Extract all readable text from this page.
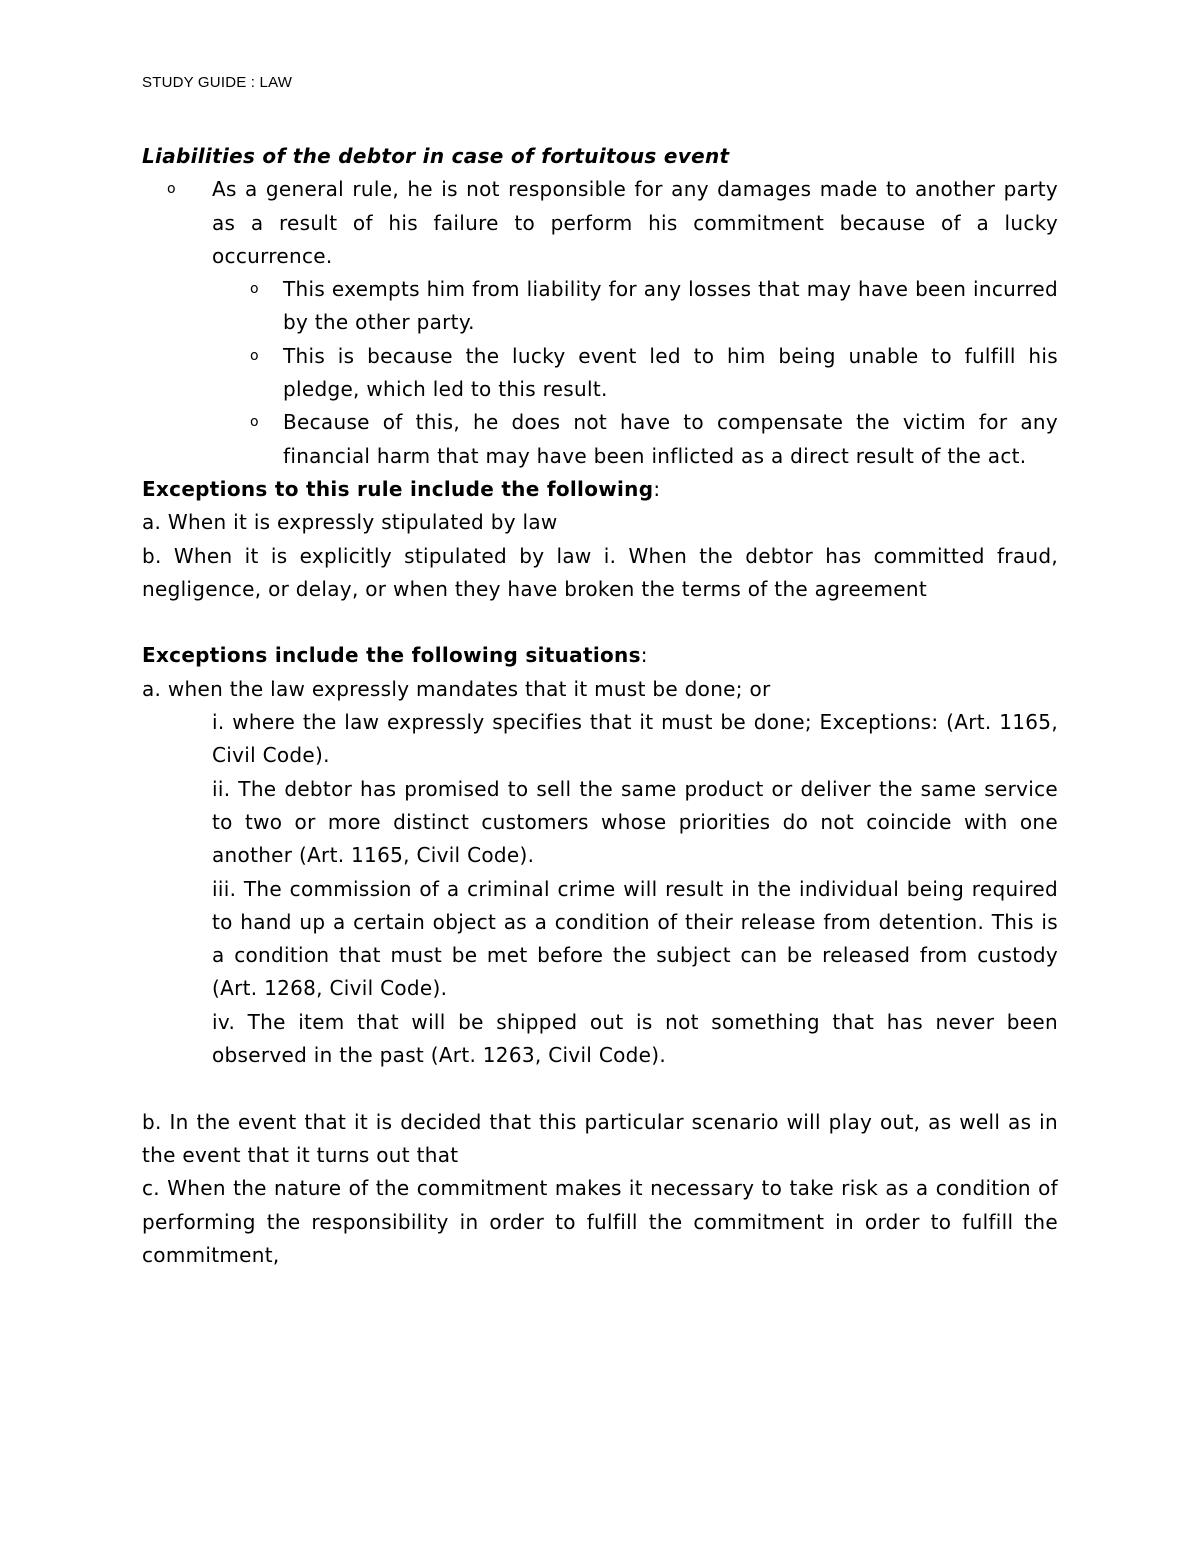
STUDY GUIDE : LAW

Liabilities of the debtor in case of fortuitous event

o As a general rule, he is not responsible for any damages made to another party as a result of his failure to perform his commitment because of a lucky occurrence.
o This exempts him from liability for any losses that may have been incurred by the other party.
o This is because the lucky event led to him being unable to fulfill his pledge, which led to this result.
o Because of this, he does not have to compensate the victim for any financial harm that may have been inflicted as a direct result of the act.

Exceptions to this rule include the following:

a. When it is expressly stipulated by law

b. When it is explicitly stipulated by law i. When the debtor has committed fraud, negligence, or delay, or when they have broken the terms of the agreement

Exceptions include the following situations:

a. when the law expressly mandates that it must be done; or

i. where the law expressly specifies that it must be done; Exceptions: (Art. 1165, Civil Code).

ii. The debtor has promised to sell the same product or deliver the same service to two or more distinct customers whose priorities do not coincide with one another (Art. 1165, Civil Code).

iii. The commission of a criminal crime will result in the individual being required to hand up a certain object as a condition of their release from detention. This is a condition that must be met before the subject can be released from custody (Art. 1268, Civil Code).

iv. The item that will be shipped out is not something that has never been observed in the past (Art. 1263, Civil Code).

b. In the event that it is decided that this particular scenario will play out, as well as in the event that it turns out that

c. When the nature of the commitment makes it necessary to take risk as a condition of performing the responsibility in order to fulfill the commitment in order to fulfill the commitment,
